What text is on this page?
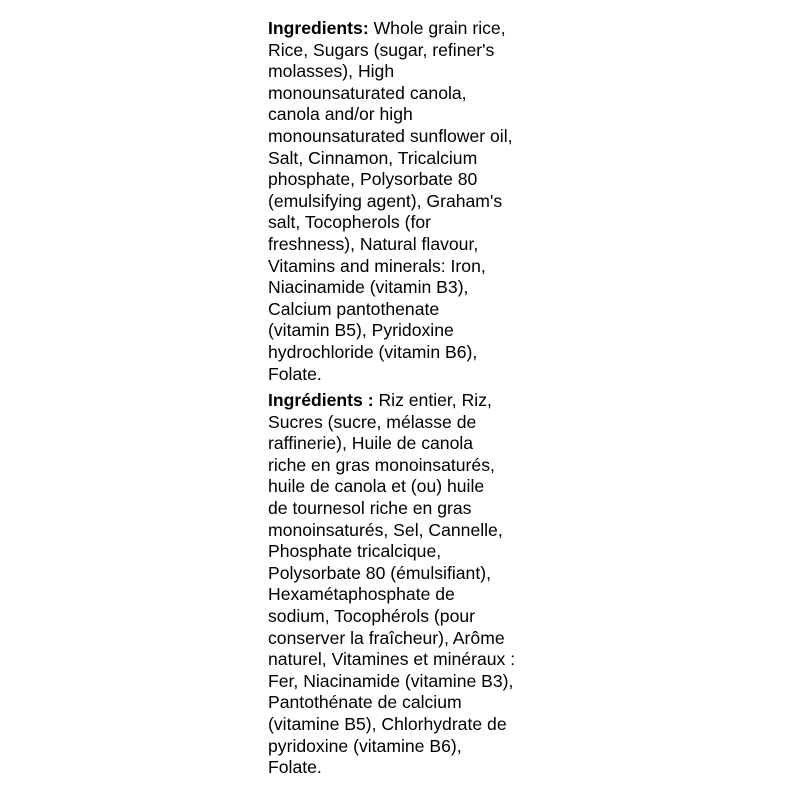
Ingredients: Whole grain rice,
Rice, Sugars (sugar, refiner's
molasses), High
monounsaturated canola,
canola and/or high
monounsaturated sunflower oil,
Salt, Cinnamon, Tricalcium
phosphate, Polysorbate 80
(emulsifying agent), Graham's
salt, Tocopherols (for
freshness), Natural flavour,
Vitamins and minerals: Iron,
Niacinamide (vitamin B3),
Calcium pantothenate
(vitamin B5), Pyridoxine
hydrochloride (vitamin B6),
Folate.

Ingrédients : Riz entier, Riz,
Sucres (sucre, mélasse de
raffinerie), Huile de canola
riche en gras monoinsaturés,
huile de canola et (ou) huile
de tournesol riche en gras
monoinsaturés, Sel, Cannelle,
Phosphate tricalcique,
Polysorbate 80 (émulsifiant),
Hexamétaphosphate de
sodium, Tocophérols (pour
conserver la fraîcheur), Arôme
naturel, Vitamines et minéraux :
Fer, Niacinamide (vitamine B3),
Pantothénate de calcium
(vitamine B5), Chlorhydrate de
pyridoxine (vitamine B6),
Folate.
